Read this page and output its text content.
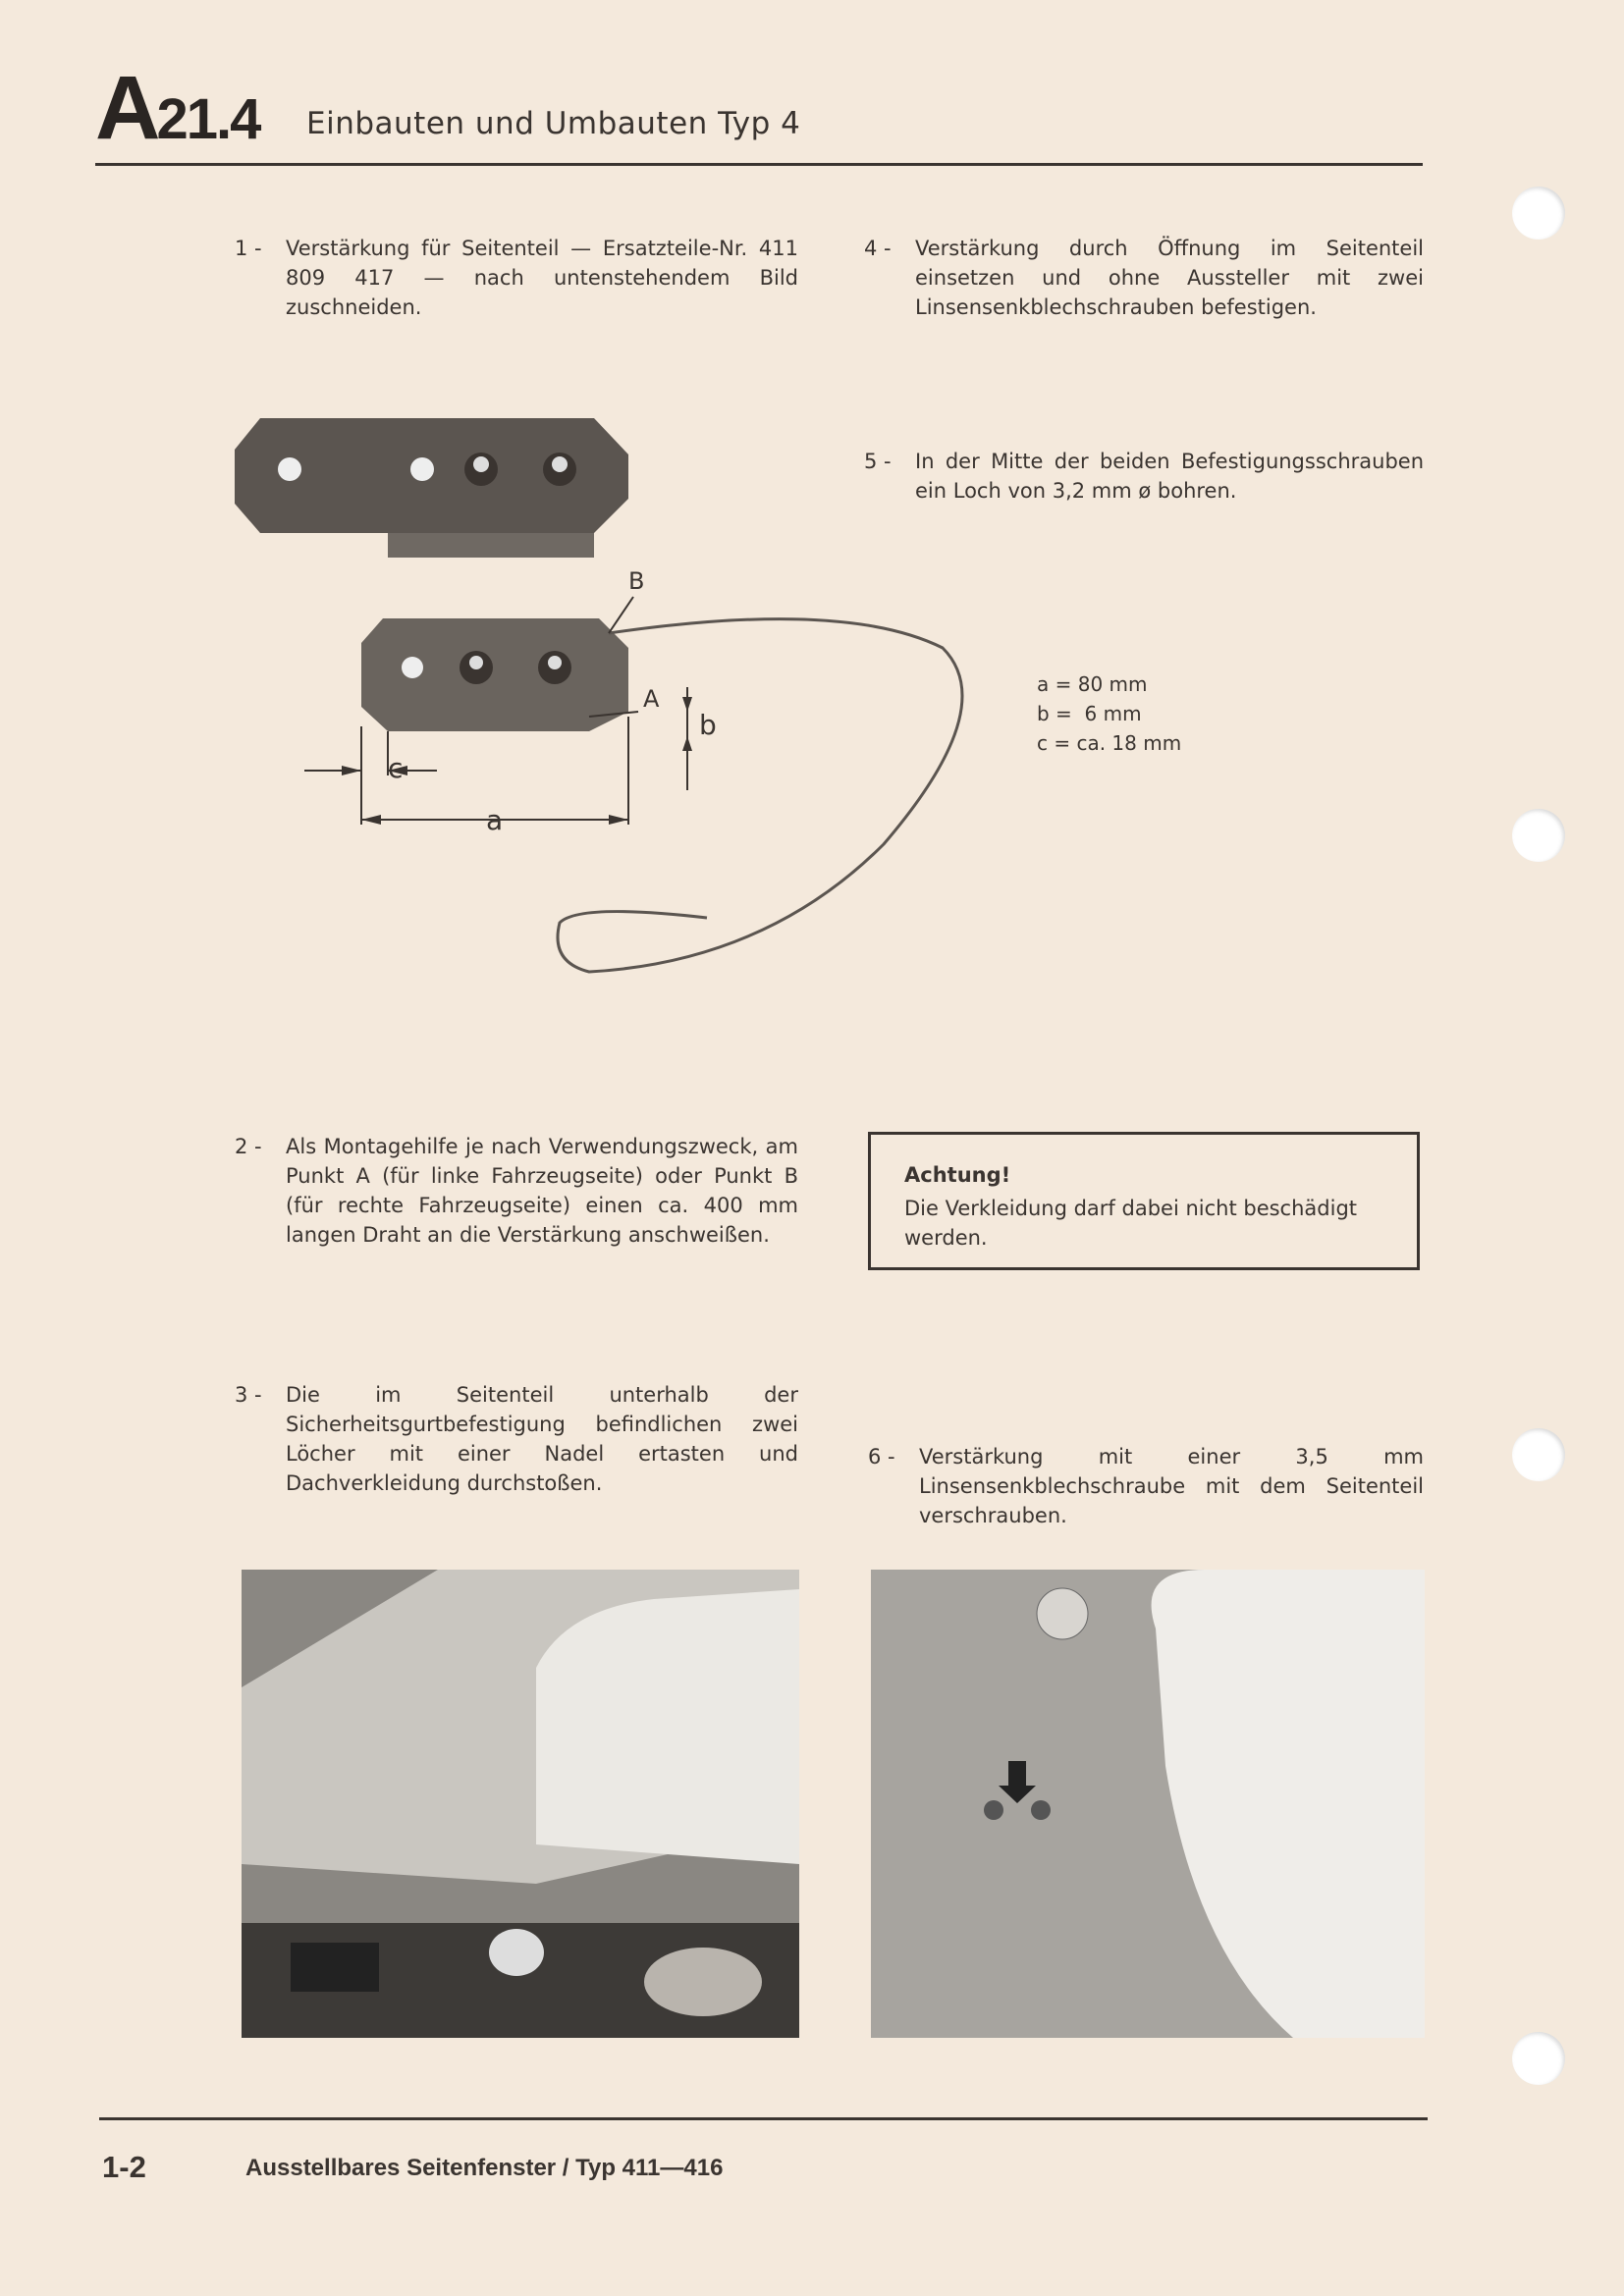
A21.4 Einbauten und Umbauten Typ 4
1 -	Verstärkung für Seitenteil — Ersatzteile-Nr. 411 809 417 — nach untenstehendem Bild zuschneiden.
4 -	Verstärkung durch Öffnung im Seitenteil einsetzen und ohne Aussteller mit zwei Linsensenkblechschrauben befestigen.
5 -	In der Mitte der beiden Befestigungsschrauben ein Loch von 3,2 mm ø bohren.
B
A
b
c
a
a = 80 mm
b =  6 mm
c = ca. 18 mm
2 -	Als Montagehilfe je nach Verwendungszweck, am Punkt A (für linke Fahrzeugseite) oder Punkt B (für rechte Fahrzeugseite) einen ca. 400 mm langen Draht an die Verstärkung anschweißen.
Achtung!
Die Verkleidung darf dabei nicht beschädigt werden.
3 -	Die im Seitenteil unterhalb der Sicherheitsgurtbefestigung befindlichen zwei Löcher mit einer Nadel ertasten und Dachverkleidung durchstoßen.
6 -	Verstärkung mit einer 3,5 mm Linsensenkblechschraube mit dem Seitenteil verschrauben.
1-2	Ausstellbares Seitenfenster / Typ 411—416
